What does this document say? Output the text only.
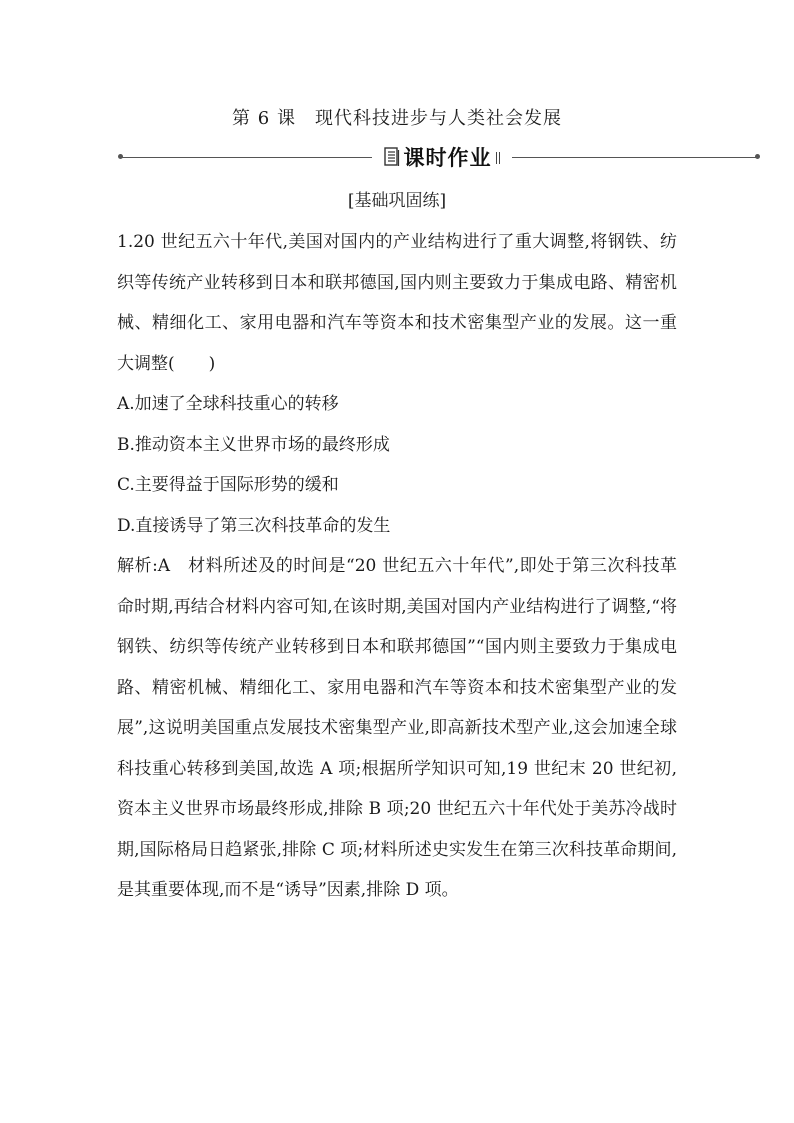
第 6 课　现代科技进步与人类社会发展
课时作业
[基础巩固练]

1.20 世纪五六十年代,美国对国内的产业结构进行了重大调整,将钢铁、纺织等传统产业转移到日本和联邦德国,国内则主要致力于集成电路、精密机械、精细化工、家用电器和汽车等资本和技术密集型产业的发展。这一重大调整(　　)

A.加速了全球科技重心的转移

B.推动资本主义世界市场的最终形成

C.主要得益于国际形势的缓和

D.直接诱导了第三次科技革命的发生

解析:A　材料所述及的时间是“20 世纪五六十年代”,即处于第三次科技革命时期,再结合材料内容可知,在该时期,美国对国内产业结构进行了调整,“将钢铁、纺织等传统产业转移到日本和联邦德国”“国内则主要致力于集成电路、精密机械、精细化工、家用电器和汽车等资本和技术密集型产业的发展”,这说明美国重点发展技术密集型产业,即高新技术型产业,这会加速全球科技重心转移到美国,故选 A 项;根据所学知识可知,19 世纪末 20 世纪初,资本主义世界市场最终形成,排除 B 项;20 世纪五六十年代处于美苏冷战时期,国际格局日趋紧张,排除 C 项;材料所述史实发生在第三次科技革命期间,是其重要体现,而不是“诱导”因素,排除 D 项。
